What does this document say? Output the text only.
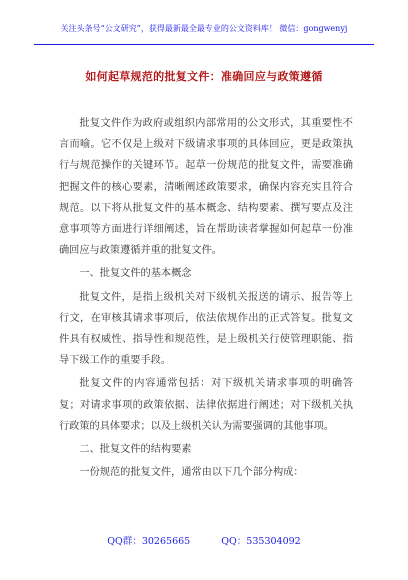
关注头条号“公文研究”，获得最新最全最专业的公文资料库！ 微信：gongwenyj
如何起草规范的批复文件：准确回应与政策遵循

批复文件作为政府或组织内部常用的公文形式，其重要性不言而喻。它不仅是上级对下级请求事项的具体回应，更是政策执行与规范操作的关键环节。起草一份规范的批复文件，需要准确把握文件的核心要素，清晰阐述政策要求，确保内容充实且符合规范。以下将从批复文件的基本概念、结构要素、撰写要点及注意事项等方面进行详细阐述，旨在帮助读者掌握如何起草一份准确回应与政策遵循并重的批复文件。

一、批复文件的基本概念

批复文件，是指上级机关对下级机关报送的请示、报告等上行文，在审核其请求事项后，依法依规作出的正式答复。批复文件具有权威性、指导性和规范性，是上级机关行使管理职能、指导下级工作的重要手段。

批复文件的内容通常包括：对下级机关请求事项的明确答复；对请求事项的政策依据、法律依据进行阐述；对下级机关执行政策的具体要求；以及上级机关认为需要强调的其他事项。

二、批复文件的结构要素

一份规范的批复文件，通常由以下几个部分构成：

QQ群：30265665	QQ：535304092
